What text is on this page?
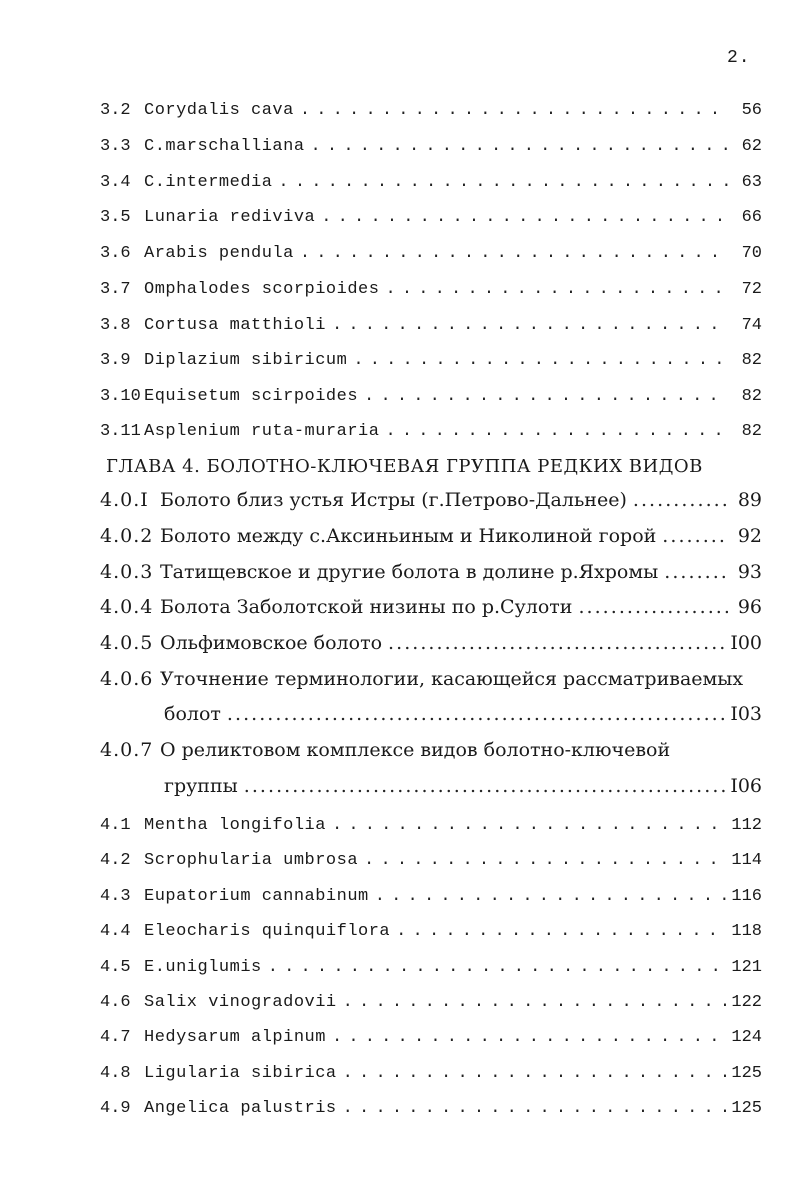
2.
3.2 Corydalis cava . . .	56
3.3 C.marschalliana . . .	62
3.4 C.intermedia . . .	63
3.5 Lunaria rediviva . . .	66
3.6 Arabis pendula . . .	70
3.7 Omphalodes scorpioides . . .	72
3.8 Cortusa matthioli . . .	74
3.9 Diplazium sibiricum . . .	82
3.10 Equisetum scirpoides . . .	82
3.11 Asplenium ruta-muraria . . .	82
ГЛАВА 4. БОЛОТНО-КЛЮЧЕВАЯ ГРУППА РЕДКИХ ВИДОВ
4.0.I Болото близ устья Истры (г.Петрово-Дальнее) . . .	89
4.0.2 Болото между с.Аксиньиным и Николиной горой . . .	92
4.0.3 Татищевское и другие болота в долине р.Яхромы . . .	93
4.0.4 Болота Заболотской низины по р.Сулоти . . .	96
4.0.5 Ольфимовское болото . . .	I00
4.0.6 Уточнение терминологии, касающейся рассматриваемых
болот . . .	I03
4.0.7 О реликтовом комплексе видов болотно-ключевой
группы . . .	I06
4.1 Mentha longifolia . . .	112
4.2 Scrophularia umbrosa . . .	114
4.3 Eupatorium cannabinum . . .	116
4.4 Eleocharis quinquiflora . . .	118
4.5 E.uniglumis . . .	121
4.6 Salix vinogradovii . . .	122
4.7 Hedysarum alpinum . . .	124
4.8 Ligularia sibirica . . .	125
4.9 Angelica palustris . . .	125
